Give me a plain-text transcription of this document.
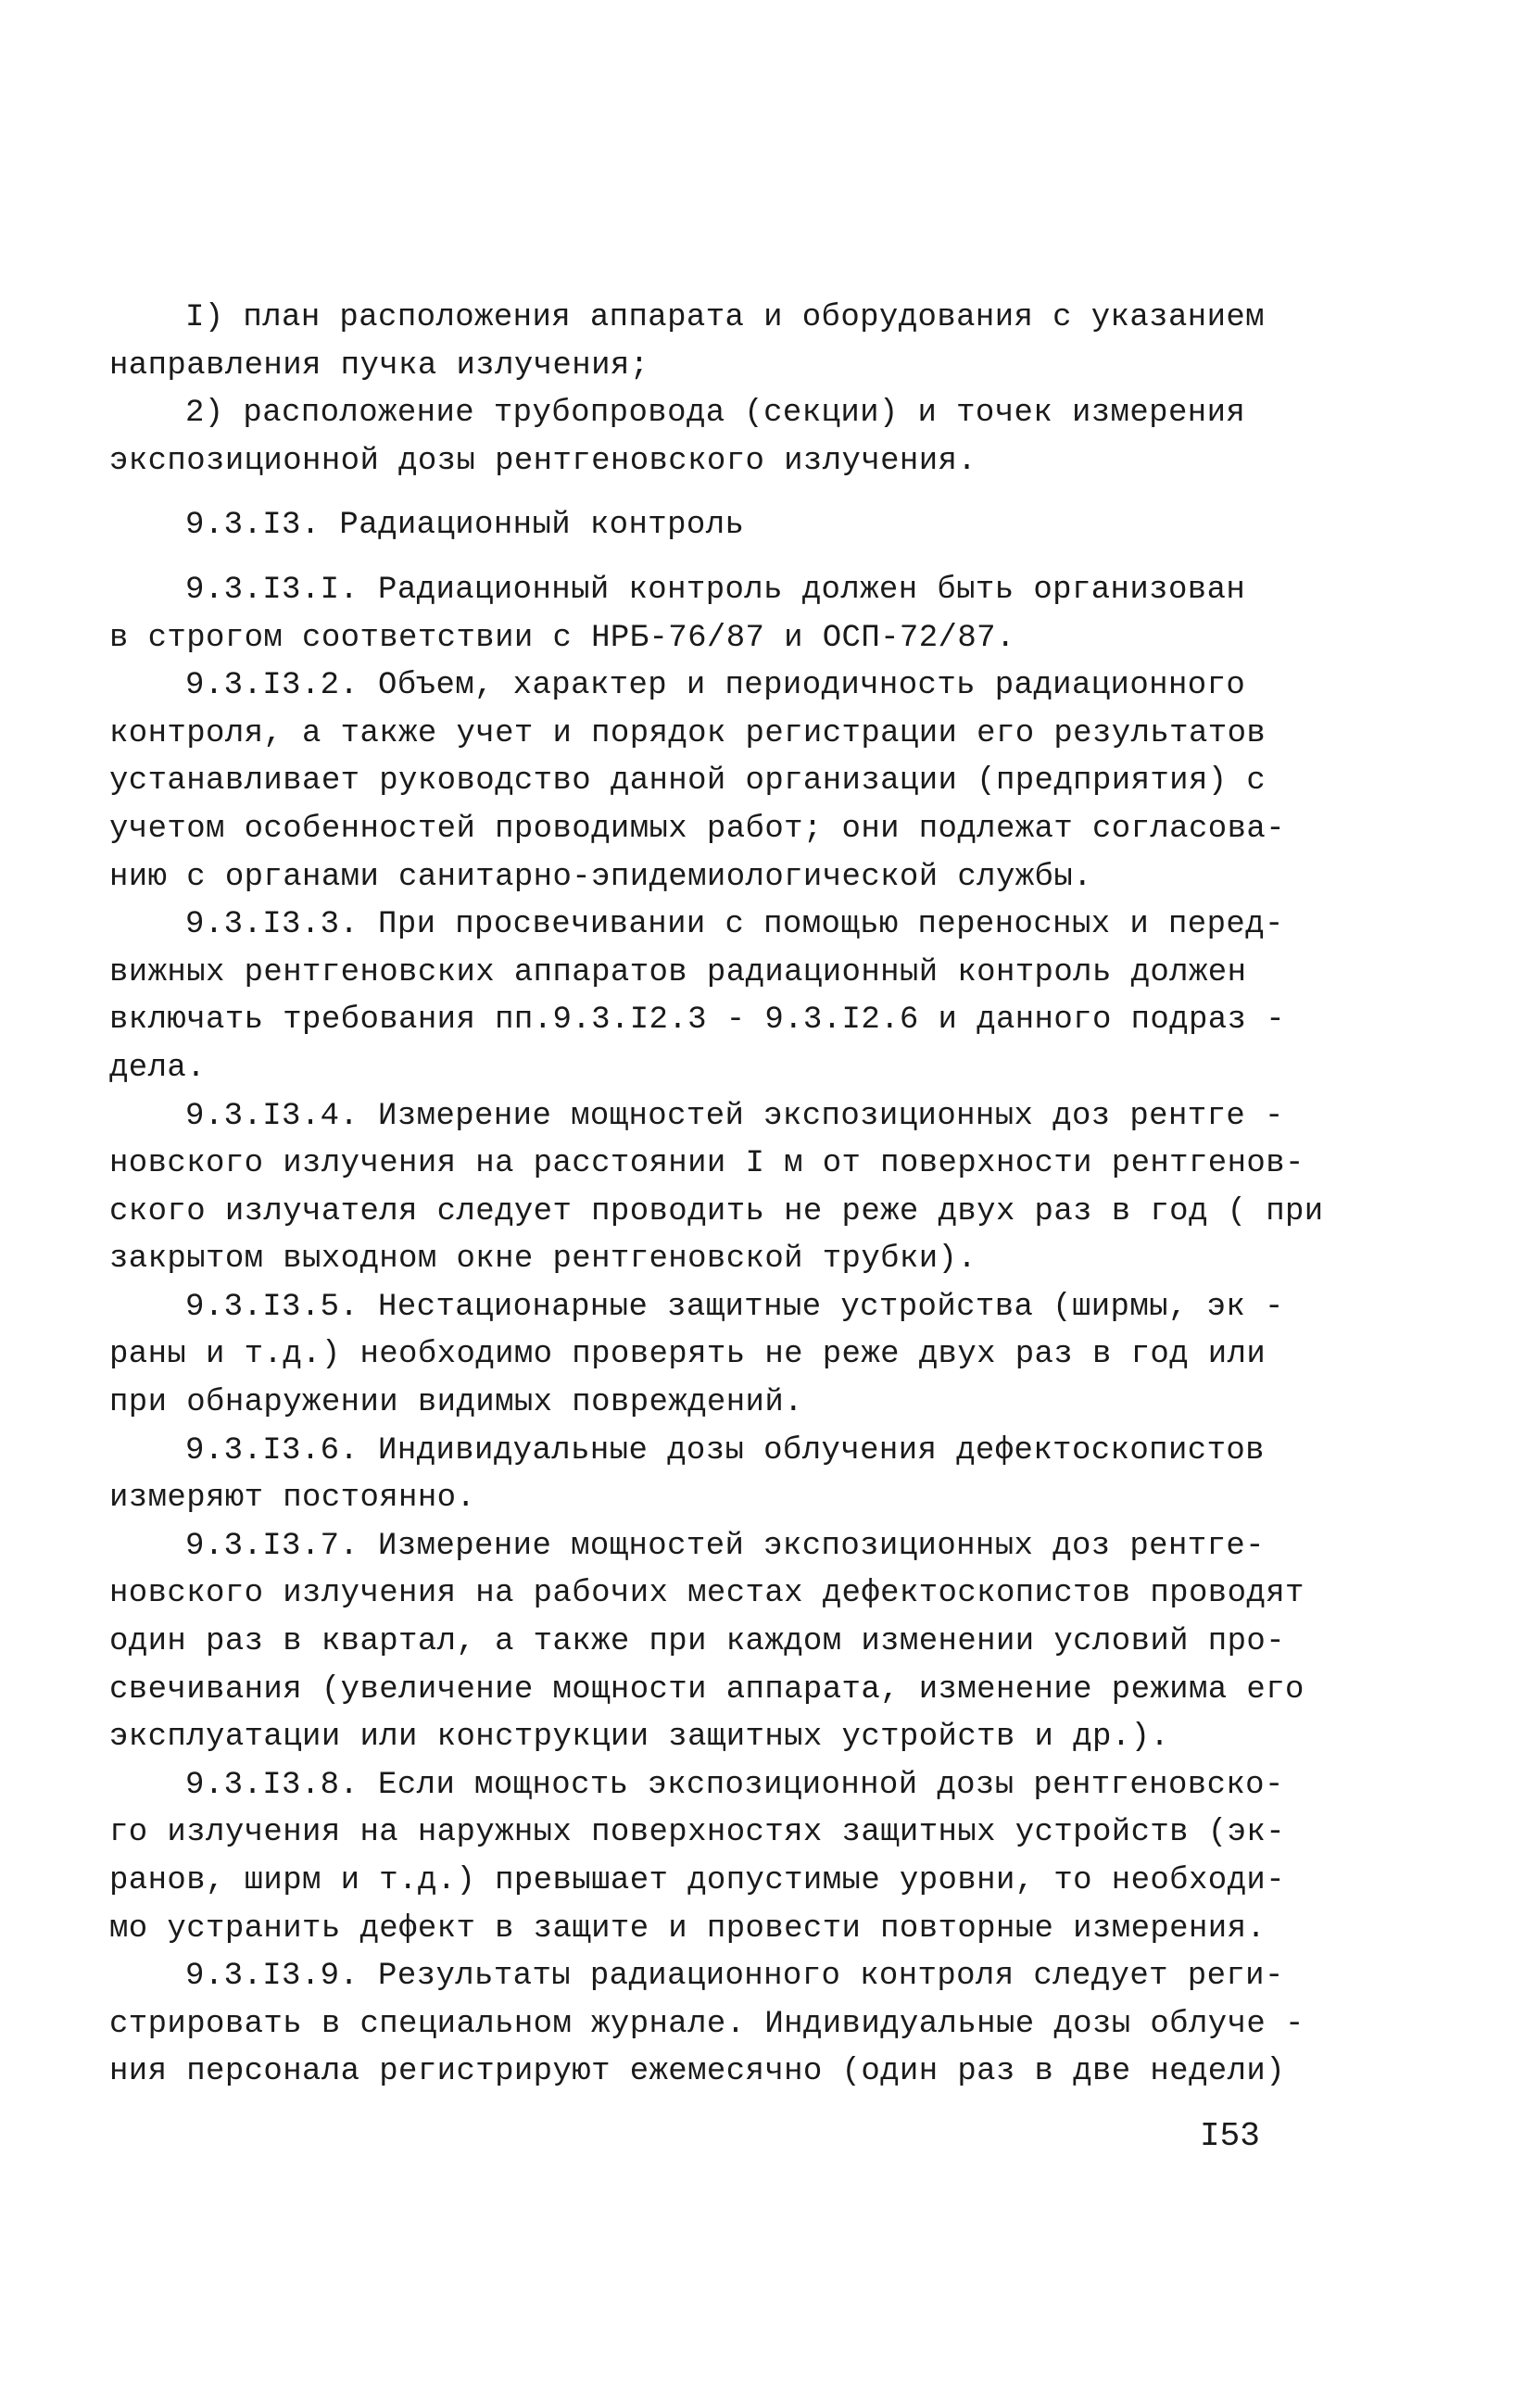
I) план расположения аппарата и оборудования с указанием
направления пучка излучения;
2) расположение трубопровода (секции) и точек измерения
экспозиционной дозы рентгеновского излучения.
9.3.I3. Радиационный контроль
9.3.I3.I. Радиационный контроль должен быть организован
в строгом соответствии с НРБ-76/87 и ОСП-72/87.
9.3.I3.2. Объем, характер и периодичность радиационного
контроля, а также учет и порядок регистрации его результатов
устанавливает руководство данной организации (предприятия) с
учетом особенностей проводимых работ; они подлежат согласова-
нию с органами санитарно-эпидемиологической службы.
9.3.I3.3. При просвечивании с помощью переносных и перед-
вижных рентгеновских аппаратов радиационный контроль должен
включать требования пп.9.3.I2.3 - 9.3.I2.6 и данного подраз -
дела.
9.3.I3.4. Измерение мощностей экспозиционных доз рентге -
новского излучения на расстоянии I м от поверхности рентгенов-
ского излучателя следует проводить не реже двух раз в год ( при
закрытом выходном окне рентгеновской трубки).
9.3.I3.5. Нестационарные защитные устройства (ширмы, эк -
раны и т.д.) необходимо проверять не реже двух раз в год или
при обнаружении видимых повреждений.
9.3.I3.6. Индивидуальные дозы облучения дефектоскопистов
измеряют постоянно.
9.3.I3.7. Измерение мощностей экспозиционных доз рентге-
новского излучения на рабочих местах дефектоскопистов проводят
один раз в квартал, а также при каждом изменении условий про-
свечивания (увеличение мощности аппарата, изменение режима его
эксплуатации или конструкции защитных устройств и др.).
9.3.I3.8. Если мощность экспозиционной дозы рентгеновско-
го излучения на наружных поверхностях защитных устройств (эк-
ранов, ширм и т.д.) превышает допустимые уровни, то необходи-
мо устранить дефект в защите и провести повторные измерения.
9.3.I3.9. Результаты радиационного контроля следует реги-
стрировать в специальном журнале. Индивидуальные дозы облуче -
ния персонала регистрируют ежемесячно (один раз в две недели)
I53
